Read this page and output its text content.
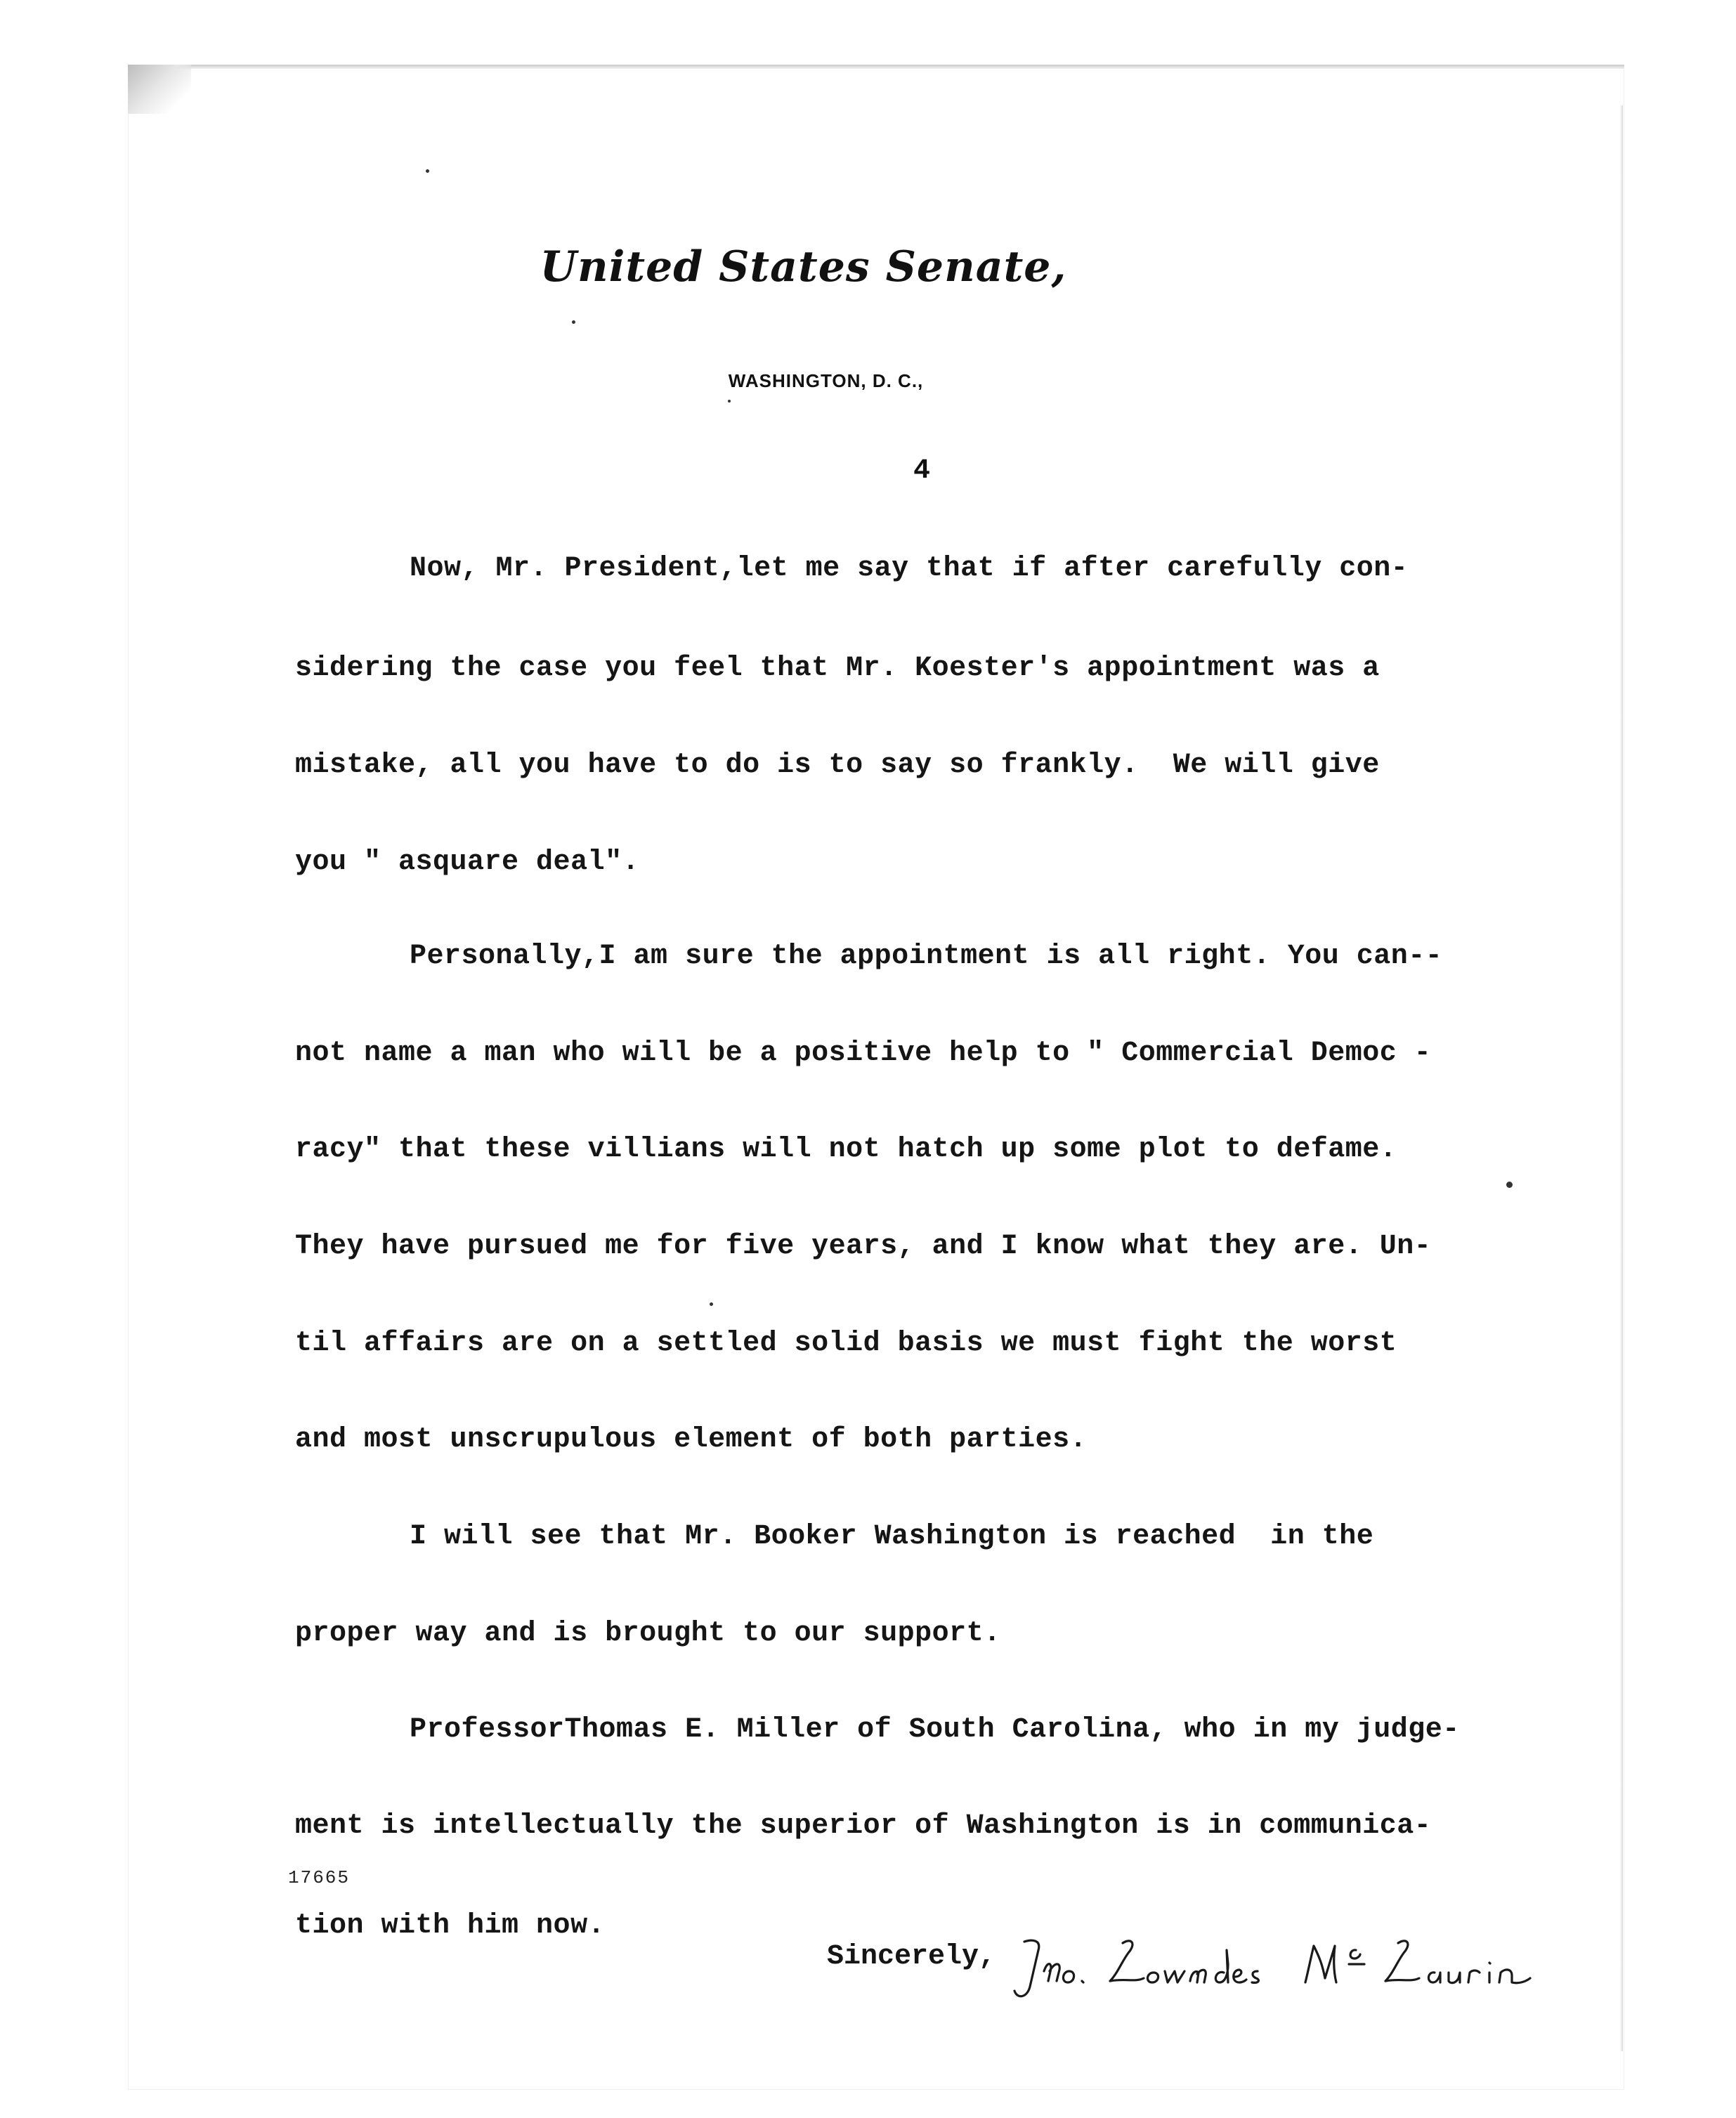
United States Senate,
WASHINGTON, D. C.,
4
Now, Mr. President,let me say that if after carefully con-
sidering the case you feel that Mr. Koester's appointment was a
mistake, all you have to do is to say so frankly.  We will give
you " asquare deal".
Personally,I am sure the appointment is all right. You can--
not name a man who will be a positive help to " Commercial Democ -
racy" that these villians will not hatch up some plot to defame.
They have pursued me for five years, and I know what they are. Un-
til affairs are on a settled solid basis we must fight the worst
and most unscrupulous element of both parties.
I will see that Mr. Booker Washington is reached  in the
proper way and is brought to our support.
ProfessorThomas E. Miller of South Carolina, who in my judge-
ment is intellectually the superior of Washington is in communica-
17665
tion with him now.
Sincerely,
